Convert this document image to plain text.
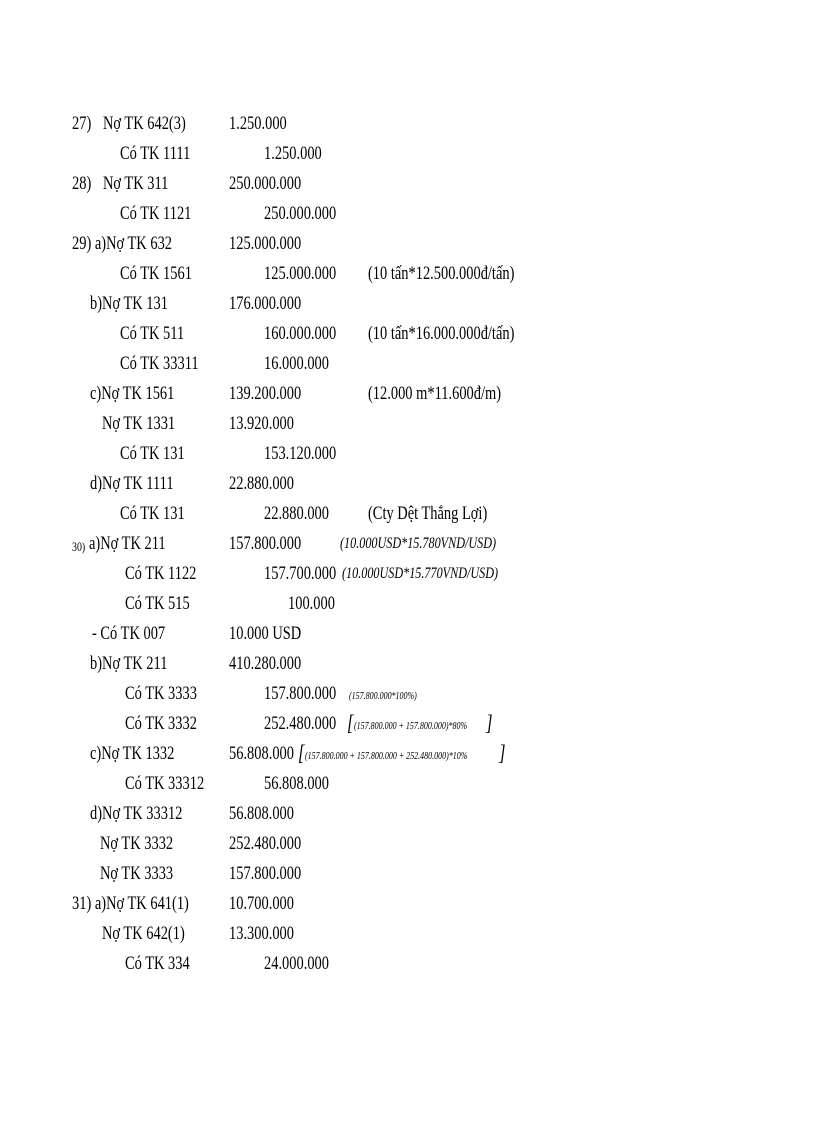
27) Nợ TK 642(3) 1.250.000
Có TK 1111	1.250.000
28) Nợ TK 311	250.000.000
Có TK 1121	250.000.000
29) a)Nợ TK 632	125.000.000
Có TK 1561	125.000.000 (10 tấn*12.500.000đ/tấn)
b)Nợ TK 131	176.000.000
Có TK 511	160.000.000 (10 tấn*16.000.000đ/tấn)
Có TK 33311	16.000.000
c)Nợ TK 1561	139.200.000	(12.000 m*11.600đ/m)
Nợ TK 1331	13.920.000
Có TK 131	153.120.000
d)Nợ TK 1111	22.880.000
Có TK 131	22.880.000 (Cty Dệt Thắng Lợi)
30) a)Nợ TK 211	157.800.000 (10.000USD*15.780VND/USD)
Có TK 1122	157.700.000 (10.000USD*15.770VND/USD)
Có TK 515	100.000
- Có TK 007	10.000 USD
b)Nợ TK 211	410.280.000
Có TK 3333	157.800.000 (157.800.000*100%)
Có TK 3332	252.480.000 [ (157.800.000 + 157.800.000)*80% ]
c)Nợ TK 1332	56.808.000 [ (157.800.000 + 157.800.000 + 252.480.000)*10% ]
Có TK 33312	56.808.000
d)Nợ TK 33312 56.808.000
Nợ TK 3332	252.480.000
Nợ TK 3333	157.800.000
31) a)Nợ TK 641(1) 10.700.000
Nợ TK 642(1) 13.300.000
Có TK 334	24.000.000
